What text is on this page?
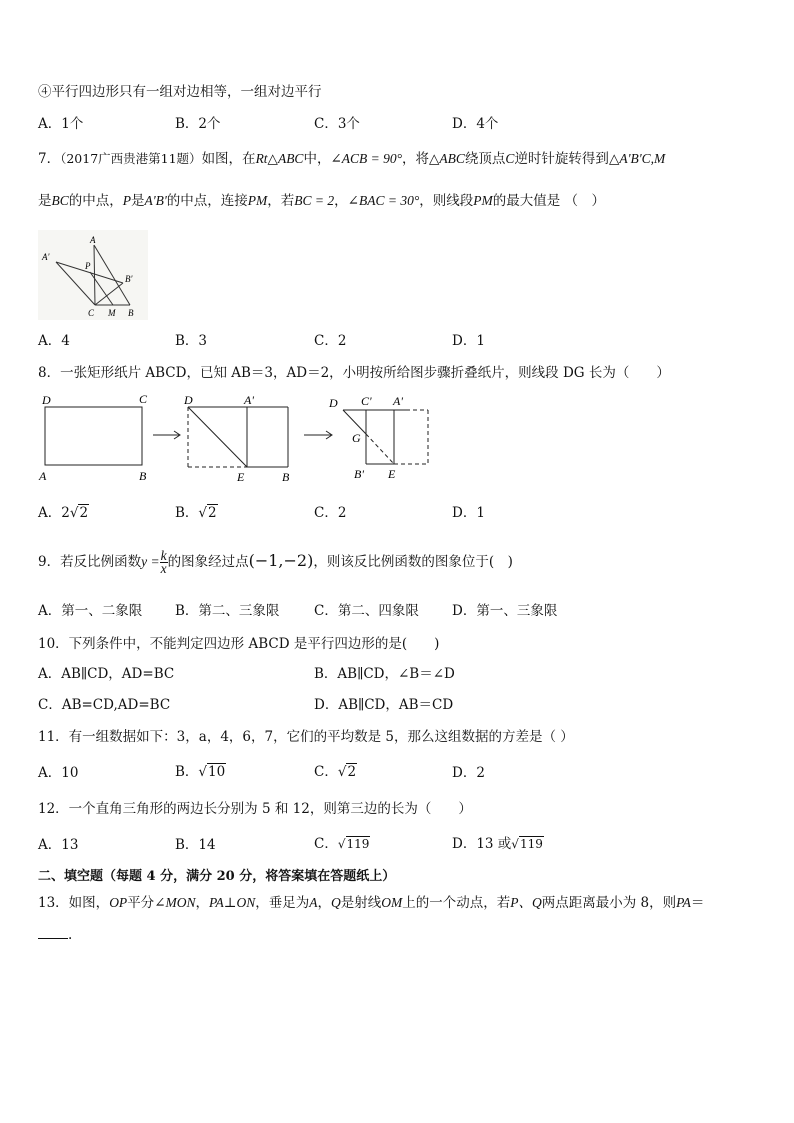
④平行四边形只有一组对边相等，一组对边平行
A．1个	B．2个	C．3个	D．4个
7．（2017广西贵港第11题）如图，在Rt△ABC中，∠ACB = 90°，将△ABC绕顶点C逆时针旋转得到△A'B'C,M
是BC的中点，P是A'B'的中点，连接PM，若BC = 2，∠BAC = 30°，则线段PM的最大值是 （　）
A'
A
P
B'
C M B
A．4	B．3	C．2	D．1
8．一张矩形纸片 ABCD，已知 AB＝3，AD＝2，小明按所给图步骤折叠纸片，则线段 DG 长为（　　）
D	C
A	B
D	A'
E	B
D C' A'
G
B' E
A．2√2	B．√2	C．2	D．1
9．若反比例函数$y = \frac{k}{x}$ 的图象经过点(−1,−2)，则该反比例函数的图象位于(　)
A．第一、二象限 B．第二、三象限	C．第二、四象限 D．第一、三象限
10．下列条件中，不能判定四边形 ABCD 是平行四边形的是(　　)
A．AB∥CD，AD=BC	B．AB∥CD，∠B＝∠D
C．AB=CD,AD=BC	D．AB∥CD，AB＝CD
11．有一组数据如下：3，a，4，6，7，它们的平均数是 5，那么这组数据的方差是（ ）
A．10	B．√10	C．√2	D．2
12．一个直角三角形的两边长分别为 5 和 12，则第三边的长为（　　）
A．13	B．14	C．√119	D．13 或√119
二、填空题（每题 4 分，满分 20 分，将答案填在答题纸上）
13．如图，OP平分∠MON，PA⊥ON，垂足为A，Q是射线OM上的一个动点，若P、Q两点距离最小为 8，则PA＝
.
